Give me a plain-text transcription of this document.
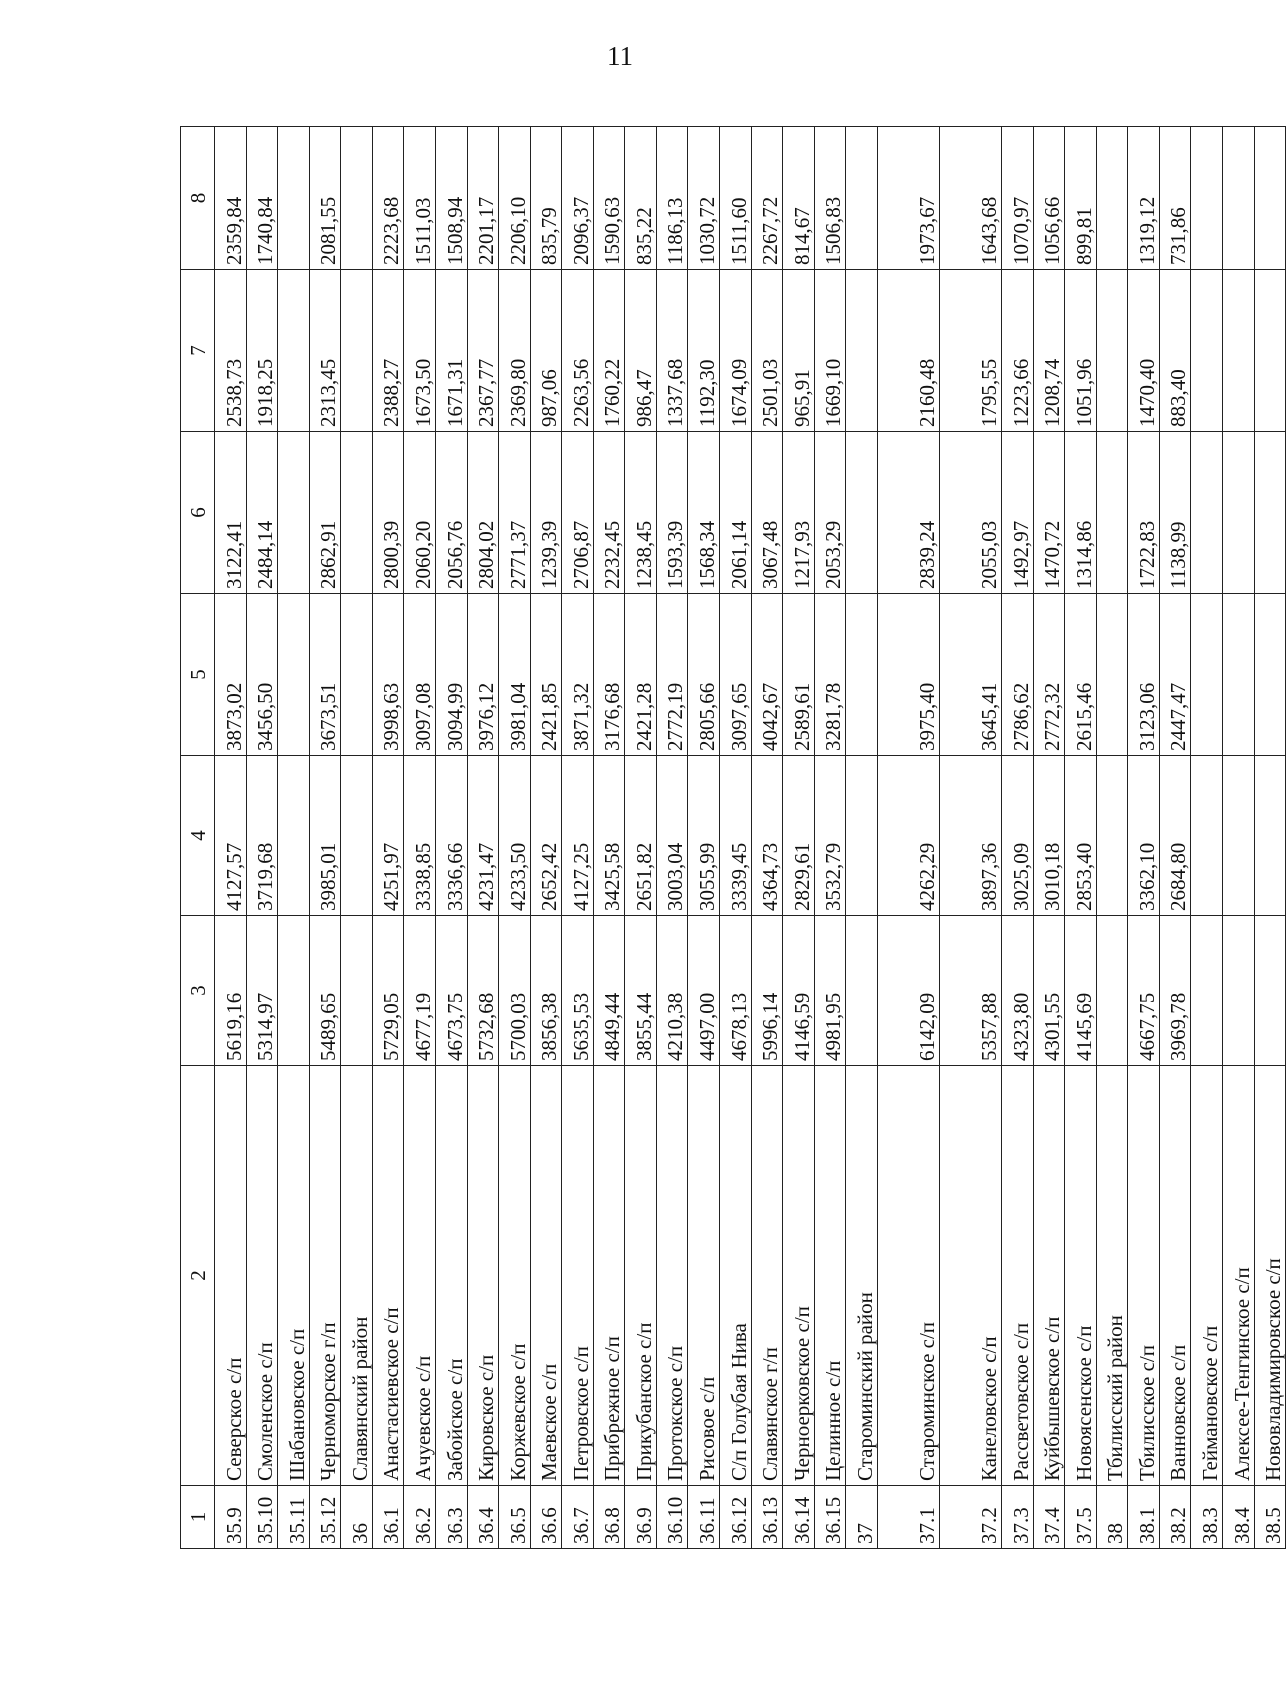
11
1	2	3	4	5	6	7	8
35.9	Северское с/п	5619,16	4127,57	3873,02	3122,41	2538,73	2359,84
35.10	Смоленское с/п	5314,97	3719,68	3456,50	2484,14	1918,25	1740,84
35.11	Шабановское с/п						
35.12	Черноморское г/п	5489,65	3985,01	3673,51	2862,91	2313,45	2081,55
36	Славянский район						
36.1	Анастасиевское с/п	5729,05	4251,97	3998,63	2800,39	2388,27	2223,68
36.2	Ачуевское с/п	4677,19	3338,85	3097,08	2060,20	1673,50	1511,03
36.3	Забойское с/п	4673,75	3336,66	3094,99	2056,76	1671,31	1508,94
36.4	Кировское с/п	5732,68	4231,47	3976,12	2804,02	2367,77	2201,17
36.5	Коржевское с/п	5700,03	4233,50	3981,04	2771,37	2369,80	2206,10
36.6	Маевское с/п	3856,38	2652,42	2421,85	1239,39	987,06	835,79
36.7	Петровское с/п	5635,53	4127,25	3871,32	2706,87	2263,56	2096,37
36.8	Прибрежное с/п	4849,44	3425,58	3176,68	2232,45	1760,22	1590,63
36.9	Прикубанское с/п	3855,44	2651,82	2421,28	1238,45	986,47	835,22
36.10	Протокское с/п	4210,38	3003,04	2772,19	1593,39	1337,68	1186,13
36.11	Рисовое с/п	4497,00	3055,99	2805,66	1568,34	1192,30	1030,72
36.12	С/п Голубая Нива	4678,13	3339,45	3097,65	2061,14	1674,09	1511,60
36.13	Славянское г/п	5996,14	4364,73	4042,67	3067,48	2501,03	2267,72
36.14	Черноерковское с/п	4146,59	2829,61	2589,61	1217,93	965,91	814,67
36.15	Целинное с/п	4981,95	3532,79	3281,78	2053,29	1669,10	1506,83
37	Староминский район						
37.1	Староминское с/п	6142,09	4262,29	3975,40	2839,24	2160,48	1973,67
37.2	Канеловское с/п	5357,88	3897,36	3645,41	2055,03	1795,55	1643,68
37.3	Рассветовское с/п	4323,80	3025,09	2786,62	1492,97	1223,66	1070,97
37.4	Куйбышевское с/п	4301,55	3010,18	2772,32	1470,72	1208,74	1056,66
37.5	Новоясенское с/п	4145,69	2853,40	2615,46	1314,86	1051,96	899,81
38	Тбилисский район						
38.1	Тбилисское с/п	4667,75	3362,10	3123,06	1722,83	1470,40	1319,12
38.2	Ванновское с/п	3969,78	2684,80	2447,47	1138,99	883,40	731,86
38.3	Геймановское с/п						
38.4	Алексее-Тенгинское с/п						
38.5	Нововладимировское с/п						
